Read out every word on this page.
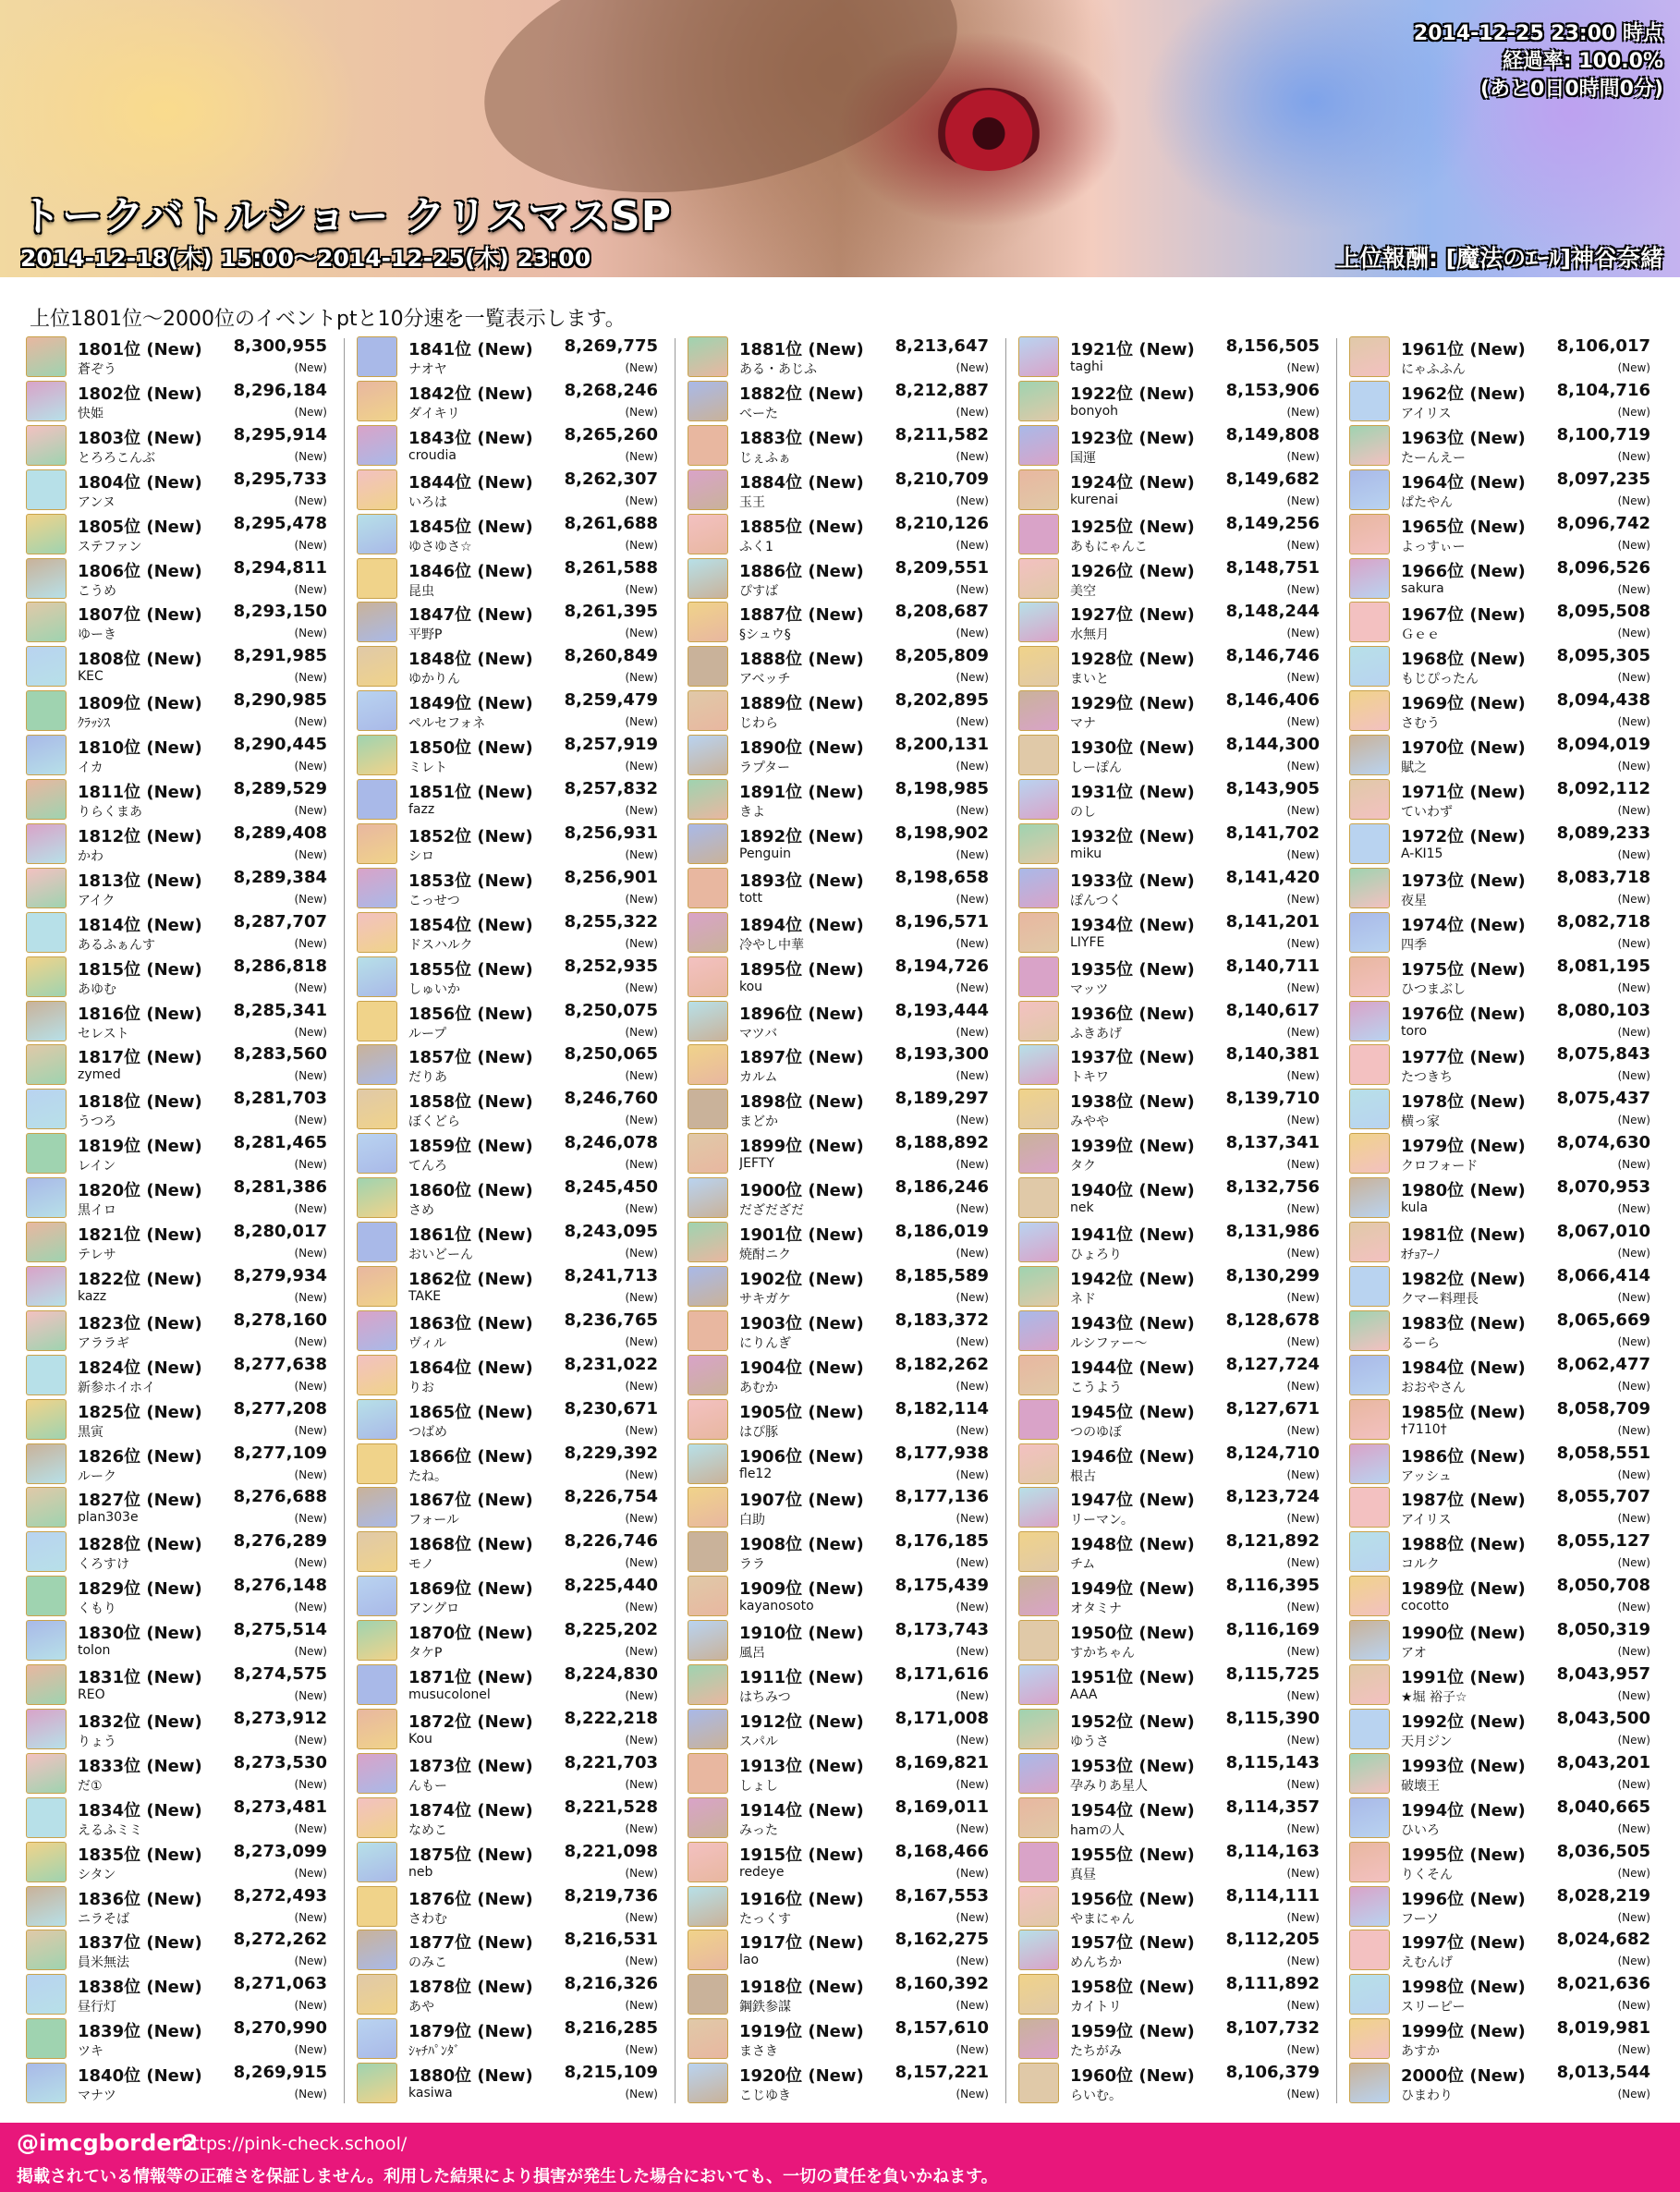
2014-12-25 23:00 時点
経過率: 100.0%
(あと0日0時間0分)
トークバトルショー クリスマスSP
2014-12-18(木) 15:00〜2014-12-25(木) 23:00	上位報酬: [魔法のｴｰﾙ]神谷奈緒
上位1801位〜2000位のイベントptと10分速を一覧表示します。
1801位 (New) 8,300,955
蒼ぞう	(New)
1802位 (New) 8,296,184
快姫	(New)
1803位 (New) 8,295,914
とろろこんぶ	(New)
1804位 (New) 8,295,733
アンヌ	(New)
1805位 (New) 8,295,478
ステファン	(New)
1806位 (New) 8,294,811
こうめ	(New)
1807位 (New) 8,293,150
ゆーき	(New)
1808位 (New) 8,291,985
KEC	(New)
1809位 (New) 8,290,985
ｸﾗｯｼｽ	(New)
1810位 (New) 8,290,445
イカ	(New)
1811位 (New) 8,289,529
りらくまあ	(New)
1812位 (New) 8,289,408
かわ	(New)
1813位 (New) 8,289,384
アイク	(New)
1814位 (New) 8,287,707
あるふぁんす	(New)
1815位 (New) 8,286,818
あゆむ	(New)
1816位 (New) 8,285,341
セレスト	(New)
1817位 (New) 8,283,560
zymed	(New)
1818位 (New) 8,281,703
うつろ	(New)
1819位 (New) 8,281,465
レイン	(New)
1820位 (New) 8,281,386
黒イロ	(New)
1821位 (New) 8,280,017
テレサ	(New)
1822位 (New) 8,279,934
kazz	(New)
1823位 (New) 8,278,160
アララギ	(New)
1824位 (New) 8,277,638
新参ホイホイ	(New)
1825位 (New) 8,277,208
黒寅	(New)
1826位 (New) 8,277,109
ルーク	(New)
1827位 (New) 8,276,688
plan303e	(New)
1828位 (New) 8,276,289
くろすけ	(New)
1829位 (New) 8,276,148
くもり	(New)
1830位 (New) 8,275,514
tolon	(New)
1831位 (New) 8,274,575
REO	(New)
1832位 (New) 8,273,912
りょう	(New)
1833位 (New) 8,273,530
だ①	(New)
1834位 (New) 8,273,481
えるふミミ	(New)
1835位 (New) 8,273,099
シタン	(New)
1836位 (New) 8,272,493
ニラそば	(New)
1837位 (New) 8,272,262
員米無法	(New)
1838位 (New) 8,271,063
昼行灯	(New)
1839位 (New) 8,270,990
ツキ	(New)
1840位 (New) 8,269,915
マナツ	(New)
1841位 (New) 8,269,775
ナオヤ	(New)
1842位 (New) 8,268,246
ダイキリ	(New)
1843位 (New) 8,265,260
croudia	(New)
1844位 (New) 8,262,307
いろは	(New)
1845位 (New) 8,261,688
ゆさゆさ☆	(New)
1846位 (New) 8,261,588
昆虫	(New)
1847位 (New) 8,261,395
平野P	(New)
1848位 (New) 8,260,849
ゆかりん	(New)
1849位 (New) 8,259,479
ペルセフォネ	(New)
1850位 (New) 8,257,919
ミレト	(New)
1851位 (New) 8,257,832
fazz	(New)
1852位 (New) 8,256,931
シロ	(New)
1853位 (New) 8,256,901
こっせつ	(New)
1854位 (New) 8,255,322
ドスハルク	(New)
1855位 (New) 8,252,935
しゅいか	(New)
1856位 (New) 8,250,075
ループ	(New)
1857位 (New) 8,250,065
だりあ	(New)
1858位 (New) 8,246,760
ぼくどら	(New)
1859位 (New) 8,246,078
てんろ	(New)
1860位 (New) 8,245,450
さめ	(New)
1861位 (New) 8,243,095
おいどーん	(New)
1862位 (New) 8,241,713
TAKE	(New)
1863位 (New) 8,236,765
ヴィル	(New)
1864位 (New) 8,231,022
りお	(New)
1865位 (New) 8,230,671
つばめ	(New)
1866位 (New) 8,229,392
たね。	(New)
1867位 (New) 8,226,754
フォール	(New)
1868位 (New) 8,226,746
モノ	(New)
1869位 (New) 8,225,440
アングロ	(New)
1870位 (New) 8,225,202
タケP	(New)
1871位 (New) 8,224,830
musucolonel	(New)
1872位 (New) 8,222,218
Kou	(New)
1873位 (New) 8,221,703
んもー	(New)
1874位 (New) 8,221,528
なめこ	(New)
1875位 (New) 8,221,098
neb	(New)
1876位 (New) 8,219,736
さわむ	(New)
1877位 (New) 8,216,531
のみこ	(New)
1878位 (New) 8,216,326
あや	(New)
1879位 (New) 8,216,285
ｼｬﾁﾊﾟﾝﾀﾞ	(New)
1880位 (New) 8,215,109
kasiwa	(New)
1881位 (New) 8,213,647
ある・あじふ	(New)
1882位 (New) 8,212,887
べーた	(New)
1883位 (New) 8,211,582
じぇふぁ	(New)
1884位 (New) 8,210,709
玉王	(New)
1885位 (New) 8,210,126
ふく1	(New)
1886位 (New) 8,209,551
ぴすば	(New)
1887位 (New) 8,208,687
§シュウ§	(New)
1888位 (New) 8,205,809
アベッチ	(New)
1889位 (New) 8,202,895
じわら	(New)
1890位 (New) 8,200,131
ラプター	(New)
1891位 (New) 8,198,985
きよ	(New)
1892位 (New) 8,198,902
Penguin	(New)
1893位 (New) 8,198,658
tott	(New)
1894位 (New) 8,196,571
冷やし中華	(New)
1895位 (New) 8,194,726
kou	(New)
1896位 (New) 8,193,444
マツバ	(New)
1897位 (New) 8,193,300
カルム	(New)
1898位 (New) 8,189,297
まどか	(New)
1899位 (New) 8,188,892
JEFTY	(New)
1900位 (New) 8,186,246
だざだざだ	(New)
1901位 (New) 8,186,019
焼酎ニク	(New)
1902位 (New) 8,185,589
サキガケ	(New)
1903位 (New) 8,183,372
にりんぎ	(New)
1904位 (New) 8,182,262
あむか	(New)
1905位 (New) 8,182,114
はぴ豚	(New)
1906位 (New) 8,177,938
fle12	(New)
1907位 (New) 8,177,136
白助	(New)
1908位 (New) 8,176,185
ララ	(New)
1909位 (New) 8,175,439
kayanosoto	(New)
1910位 (New) 8,173,743
風呂	(New)
1911位 (New) 8,171,616
はちみつ	(New)
1912位 (New) 8,171,008
スパル	(New)
1913位 (New) 8,169,821
しょし	(New)
1914位 (New) 8,169,011
みった	(New)
1915位 (New) 8,168,466
redeye	(New)
1916位 (New) 8,167,553
たっくす	(New)
1917位 (New) 8,162,275
lao	(New)
1918位 (New) 8,160,392
鋼鉄参謀	(New)
1919位 (New) 8,157,610
まさき	(New)
1920位 (New) 8,157,221
こじゆき	(New)
1921位 (New) 8,156,505
taghi	(New)
1922位 (New) 8,153,906
bonyoh	(New)
1923位 (New) 8,149,808
国運	(New)
1924位 (New) 8,149,682
kurenai	(New)
1925位 (New) 8,149,256
あもにゃんこ	(New)
1926位 (New) 8,148,751
美空	(New)
1927位 (New) 8,148,244
水無月	(New)
1928位 (New) 8,146,746
まいと	(New)
1929位 (New) 8,146,406
マナ	(New)
1930位 (New) 8,144,300
しーぽん	(New)
1931位 (New) 8,143,905
のし	(New)
1932位 (New) 8,141,702
miku	(New)
1933位 (New) 8,141,420
ぽんつく	(New)
1934位 (New) 8,141,201
LIYFE	(New)
1935位 (New) 8,140,711
マッツ	(New)
1936位 (New) 8,140,617
ふきあげ	(New)
1937位 (New) 8,140,381
トキワ	(New)
1938位 (New) 8,139,710
みやや	(New)
1939位 (New) 8,137,341
タク	(New)
1940位 (New) 8,132,756
nek	(New)
1941位 (New) 8,131,986
ひょろり	(New)
1942位 (New) 8,130,299
ネド	(New)
1943位 (New) 8,128,678
ルシファー〜	(New)
1944位 (New) 8,127,724
こうよう	(New)
1945位 (New) 8,127,671
つのゆぼ	(New)
1946位 (New) 8,124,710
根古	(New)
1947位 (New) 8,123,724
リーマン。	(New)
1948位 (New) 8,121,892
チム	(New)
1949位 (New) 8,116,395
オタミナ	(New)
1950位 (New) 8,116,169
すかちゃん	(New)
1951位 (New) 8,115,725
AAA	(New)
1952位 (New) 8,115,390
ゆうさ	(New)
1953位 (New) 8,115,143
孕みりあ星人	(New)
1954位 (New) 8,114,357
hamの人	(New)
1955位 (New) 8,114,163
真昼	(New)
1956位 (New) 8,114,111
やまにゃん	(New)
1957位 (New) 8,112,205
めんちか	(New)
1958位 (New) 8,111,892
カイトリ	(New)
1959位 (New) 8,107,732
たちがみ	(New)
1960位 (New) 8,106,379
らいむ。	(New)
1961位 (New) 8,106,017
にゃふふん	(New)
1962位 (New) 8,104,716
アイリス	(New)
1963位 (New) 8,100,719
たーんえー	(New)
1964位 (New) 8,097,235
ぱたやん	(New)
1965位 (New) 8,096,742
よっすぃー	(New)
1966位 (New) 8,096,526
sakura	(New)
1967位 (New) 8,095,508
Ｇｅｅ	(New)
1968位 (New) 8,095,305
もじぴったん	(New)
1969位 (New) 8,094,438
さむう	(New)
1970位 (New) 8,094,019
賦之	(New)
1971位 (New) 8,092,112
ていわず	(New)
1972位 (New) 8,089,233
A-KI15	(New)
1973位 (New) 8,083,718
夜星	(New)
1974位 (New) 8,082,718
四季	(New)
1975位 (New) 8,081,195
ひつまぶし	(New)
1976位 (New) 8,080,103
toro	(New)
1977位 (New) 8,075,843
たつきち	(New)
1978位 (New) 8,075,437
横っ家	(New)
1979位 (New) 8,074,630
クロフォード	(New)
1980位 (New) 8,070,953
kula	(New)
1981位 (New) 8,067,010
ｵﾁｮｱｰﾉ	(New)
1982位 (New) 8,066,414
クマー料理長	(New)
1983位 (New) 8,065,669
るーら	(New)
1984位 (New) 8,062,477
おおやさん	(New)
1985位 (New) 8,058,709
†7110†	(New)
1986位 (New) 8,058,551
アッシュ	(New)
1987位 (New) 8,055,707
アイリス	(New)
1988位 (New) 8,055,127
コルク	(New)
1989位 (New) 8,050,708
cocotto	(New)
1990位 (New) 8,050,319
アオ	(New)
1991位 (New) 8,043,957
★堀 裕子☆	(New)
1992位 (New) 8,043,500
天月ジン	(New)
1993位 (New) 8,043,201
破壊王	(New)
1994位 (New) 8,040,665
ひいろ	(New)
1995位 (New) 8,036,505
りくそん	(New)
1996位 (New) 8,028,219
フーソ	(New)
1997位 (New) 8,024,682
えむんげ	(New)
1998位 (New) 8,021,636
スリーピー	(New)
1999位 (New) 8,019,981
あすか	(New)
2000位 (New) 8,013,544
ひまわり	(New)
@imcgborder2
https://pink-check.school/
掲載されている情報等の正確さを保証しません。利用した結果により損害が発生した場合においても、一切の責任を負いかねます。
